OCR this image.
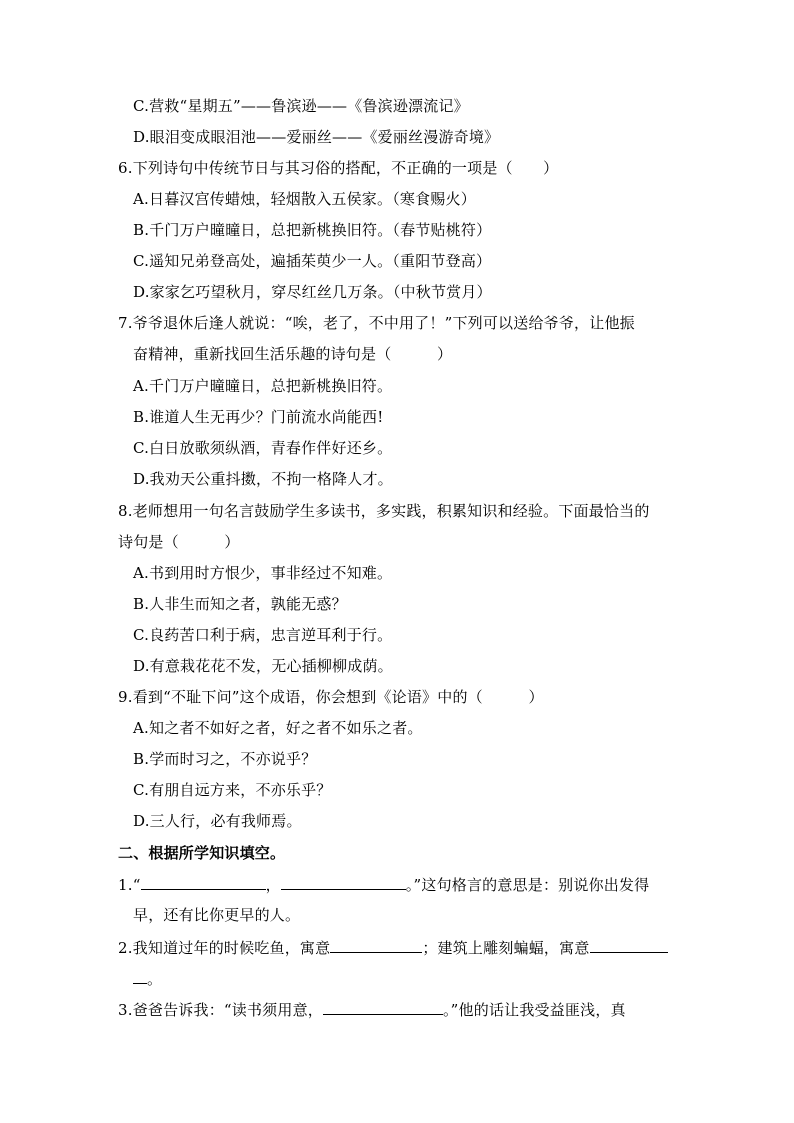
C.营救“星期五”——鲁滨逊——《鲁滨逊漂流记》
D.眼泪变成眼泪池——爱丽丝——《爱丽丝漫游奇境》
6.下列诗句中传统节日与其习俗的搭配，不正确的一项是（　　）
A.日暮汉宫传蜡烛，轻烟散入五侯家。（寒食赐火）
B.千门万户曈曈日，总把新桃换旧符。（春节贴桃符）
C.遥知兄弟登高处，遍插茱萸少一人。（重阳节登高）
D.家家乞巧望秋月，穿尽红丝几万条。（中秋节赏月）
7.爷爷退休后逢人就说：“唉，老了，不中用了！”下列可以送给爷爷，让他振
奋精神，重新找回生活乐趣的诗句是（　　　）
A.千门万户曈曈日，总把新桃换旧符。
B.谁道人生无再少？门前流水尚能西!
C.白日放歌须纵酒，青春作伴好还乡。
D.我劝天公重抖擞，不拘一格降人才。
8.老师想用一句名言鼓励学生多读书，多实践，积累知识和经验。下面最恰当的
诗句是（　　　）
A.书到用时方恨少，事非经过不知难。
B.人非生而知之者，孰能无惑？
C.良药苦口利于病，忠言逆耳利于行。
D.有意栽花花不发，无心插柳柳成荫。
9.看到“不耻下问”这个成语，你会想到《论语》中的（　　　）
A.知之者不如好之者，好之者不如乐之者。
B.学而时习之，不亦说乎？
C.有朋自远方来，不亦乐乎？
D.三人行，必有我师焉。
二、根据所学知识填空。
1.“	，	。”这句格言的意思是：别说你出发得
早，还有比你更早的人。
2.我知道过年的时候吃鱼，寓意	；建筑上雕刻蝙蝠，寓意
。
3.爸爸告诉我：“读书须用意，	。”他的话让我受益匪浅，真
